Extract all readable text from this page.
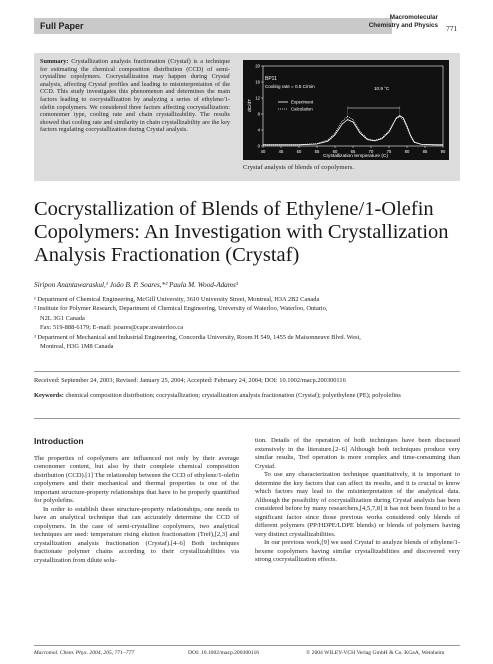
Full Paper
Macromolecular
Chemistry and Physics 771
Summary: Crystallization analysis fractionation (Crystaf) is a technique for estimating the chemical composition distribution (CCD) of semi-crystalline copolymers. Cocrystallization may happen during Crystaf analysis, affecting Crystaf profiles and leading to misinterpretation of the CCD. This study investigates this phenomenon and determines the main factors leading to cocrystallization by analyzing a series of ethylene/1-olefin copolymers. We considered three factors affecting cocrystallization: comonomer type, cooling rate and chain crystallizability. The results showed that cooling rate and similarity in chain crystallizability are the key factors regulating cocrystallization during Crystaf analysis.
40	45	50	55	60	65	70	75	80	85	90
0
4
8
12
16
20
BP11
Cooling rate = 0.5 C/min	10.9 °C
Experiment
Calculation
Crystallization temperature (C)
dC/dT
Crystaf analysis of blends of copolymers.
Cocrystallization of Blends of Ethylene/1-Olefin
Copolymers: An Investigation with Crystallization
Analysis Fractionation (Crystaf)
Siripon Anantawaraskul,¹ João B. P. Soares,*² Paula M. Wood-Adams³

¹ Department of Chemical Engineering, McGill University, 3610 University Street, Montreal, H3A 2B2 Canada

² Institute for Polymer Research, Department of Chemical Engineering, University of Waterloo, Waterloo, Ontario,

N2L 3G1 Canada

Fax: 519-888-6179; E-mail: jsoares@cape.uwaterloo.ca

³ Department of Mechanical and Industrial Engineering, Concordia University, Room H 549, 1455 de Maisonneuve Blvd. West,

Montreal, H3G 1M8 Canada

Received: September 24, 2003; Revised: January 25, 2004; Accepted: February 24, 2004; DOI: 10.1002/macp.200300116
Keywords: chemical composition distribution; cocrystallization; crystallization analysis fractionation (Crystaf); polyethylene (PE); polyolefins

Introduction

The properties of copolymers are influenced not only by their average comonomer content, but also by their complete chemical composition distribution (CCD).[1] The relationship between the CCD of ethylene/1-olefin copolymers and their mechanical and thermal properties is one of the important structure-property relationships that have to be properly quantified for polyolefins.

In order to establish these structure-property relationships, one needs to have an analytical technique that can accurately determine the CCD of copolymers. In the case of semi-crystalline copolymers, two analytical techniques are used: temperature rising elution fractionation (Tref),[2,3] and crystallization analysis fractionation (Crystaf).[4–6] Both techniques fractionate polymer chains according to their crystallizabilities via crystallization from dilute solu-

tion. Details of the operation of both techniques have been discussed extensively in the literature.[2–6] Although both techniques produce very similar results, Tref operation is more complex and time-consuming than Crystaf.

To use any characterization technique quantitatively, it is important to determine the key factors that can affect its results, and it is crucial to know which factors may lead to the misinterpretation of the analytical data. Although the possibility of cocrystallization during Crystaf analysis has been considered before by many researchers,[4,5,7,8] it has not been found to be a significant factor since those previous works considered only blends of different polymers (PP/HDPE/LDPE blends) or blends of polymers having very distinct crystallizabilities.

In our previous work,[9] we used Crystaf to analyze blends of ethylene/1-hexene copolymers having similar crystallizabilities and discovered very strong cocrystallization effects.

Macromol. Chem. Phys. 2004, 205, 771–777	DOI: 10.1002/macp.200300116	© 2004 WILEY-VCH Verlag GmbH & Co. KGaA, Weinheim
